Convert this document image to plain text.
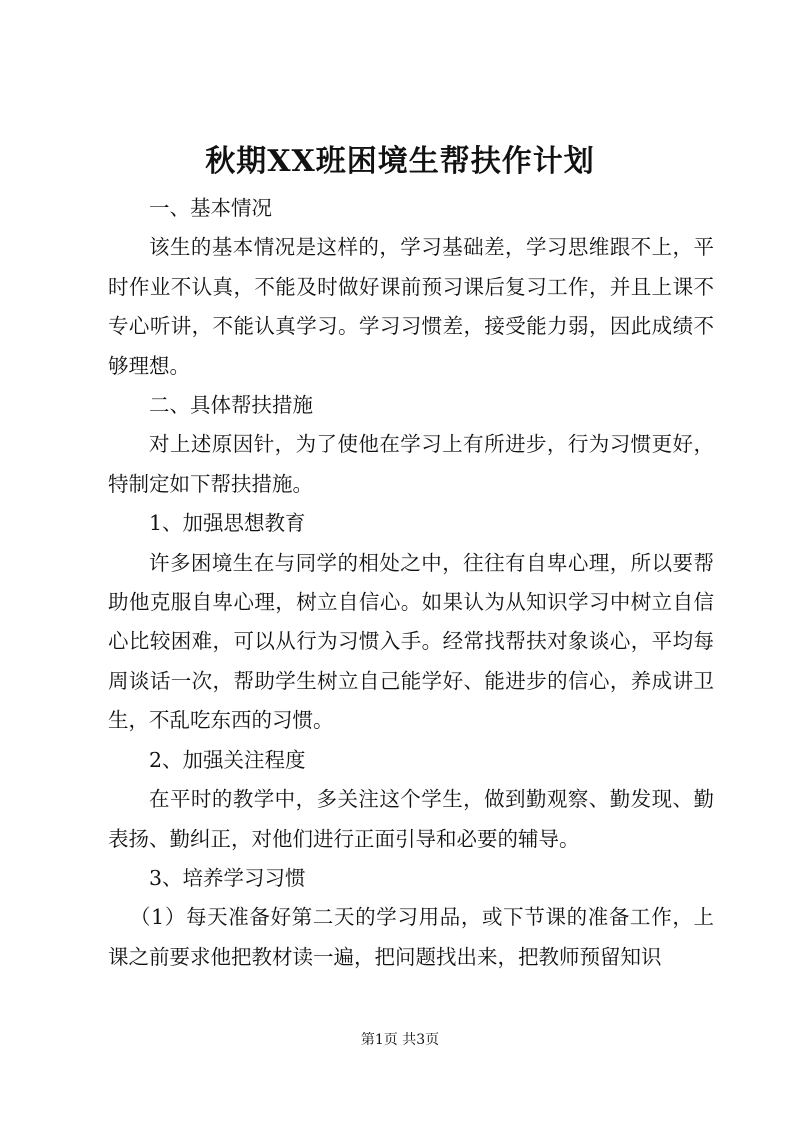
秋期XX班困境生帮扶作计划

一、基本情况

该生的基本情况是这样的，学习基础差，学习思维跟不上，平时作业不认真，不能及时做好课前预习课后复习工作，并且上课不专心听讲，不能认真学习。学习习惯差，接受能力弱，因此成绩不够理想。

二、具体帮扶措施

对上述原因针，为了使他在学习上有所进步，行为习惯更好，特制定如下帮扶措施。

1、加强思想教育

许多困境生在与同学的相处之中，往往有自卑心理，所以要帮助他克服自卑心理，树立自信心。如果认为从知识学习中树立自信心比较困难，可以从行为习惯入手。经常找帮扶对象谈心，平均每周谈话一次，帮助学生树立自己能学好、能进步的信心，养成讲卫生，不乱吃东西的习惯。

2、加强关注程度

在平时的教学中，多关注这个学生，做到勤观察、勤发现、勤表扬、勤纠正，对他们进行正面引导和必要的辅导。

3、培养学习习惯

（1）每天准备好第二天的学习用品，或下节课的准备工作，上课之前要求他把教材读一遍，把问题找出来，把教师预留知识

第1页 共3页
